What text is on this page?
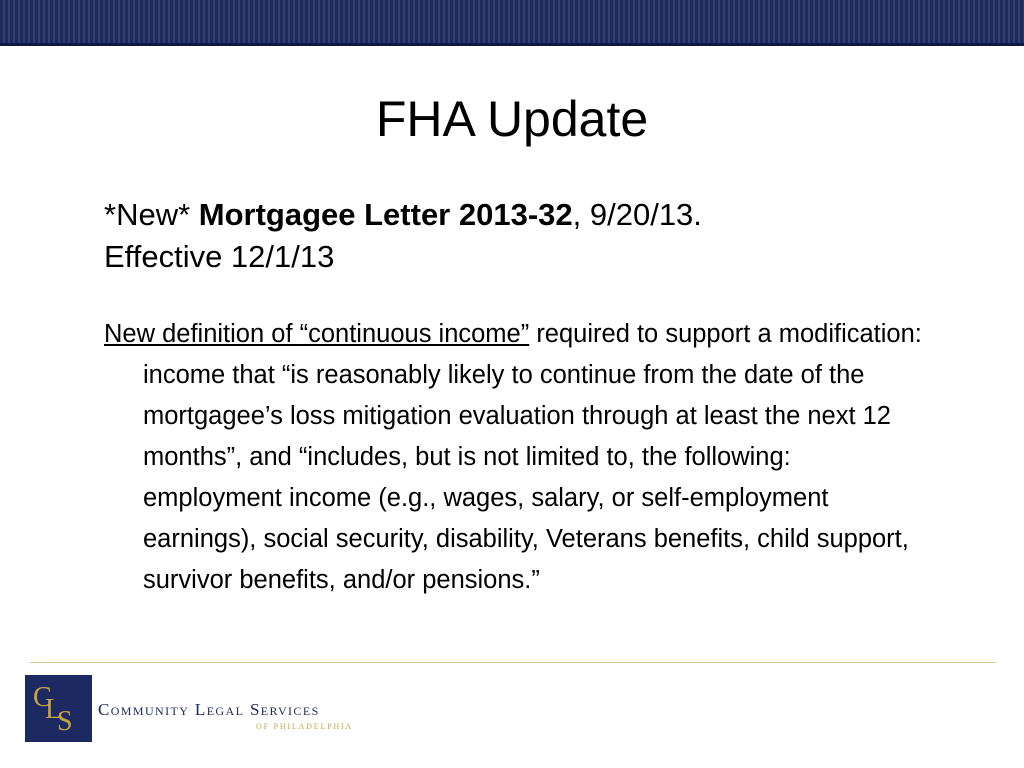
FHA Update
*New* Mortgagee Letter 2013-32, 9/20/13.
Effective 12/1/13
New definition of “continuous income” required to support a modification: income that “is reasonably likely to continue from the date of the mortgagee’s loss mitigation evaluation through at least the next 12 months”, and “includes, but is not limited to, the following: employment income (e.g., wages, salary, or self-employment earnings), social security, disability, Veterans benefits, child support, survivor benefits, and/or pensions.”
C
L
S Community Legal Services
OF PHILADELPHIA
